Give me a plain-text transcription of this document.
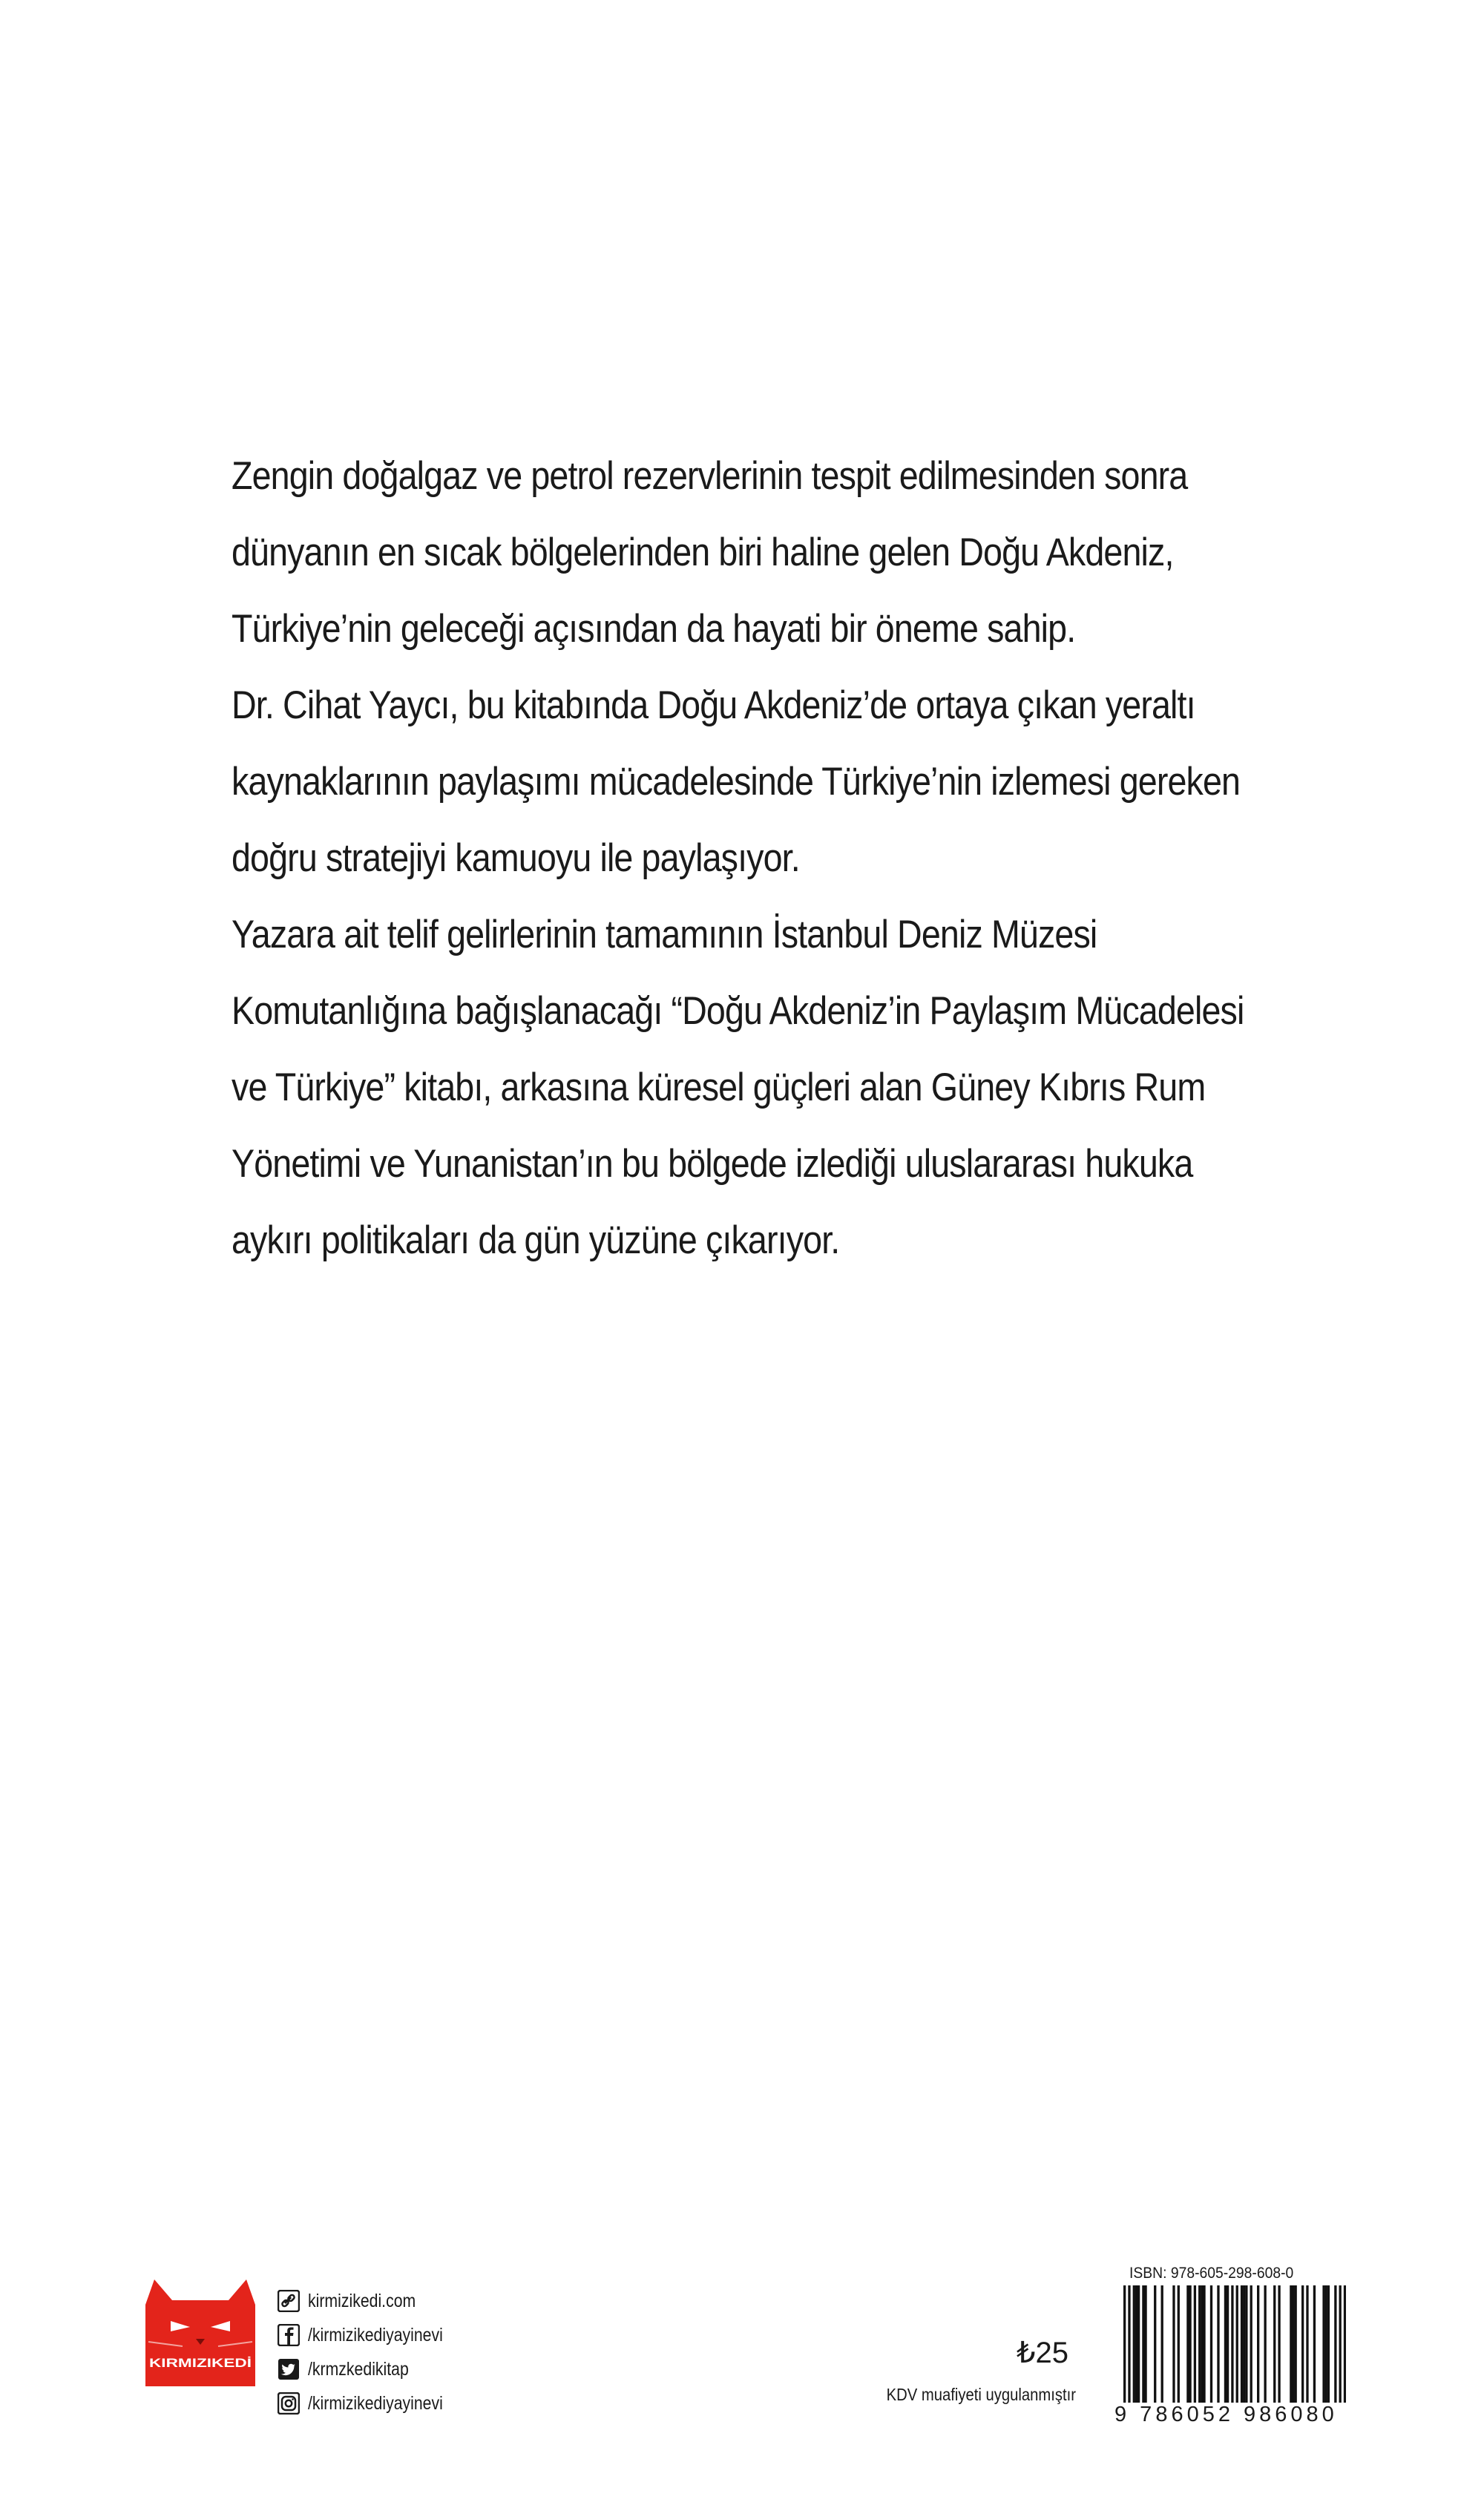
Zengin doğalgaz ve petrol rezervlerinin tespit edilmesinden sonra
dünyanın en sıcak bölgelerinden biri haline gelen Doğu Akdeniz,
Türkiye’nin geleceği açısından da hayati bir öneme sahip.
Dr. Cihat Yaycı, bu kitabında Doğu Akdeniz’de ortaya çıkan yeraltı
kaynaklarının paylaşımı mücadelesinde Türkiye’nin izlemesi gereken
doğru stratejiyi kamuoyu ile paylaşıyor.
Yazara ait telif gelirlerinin tamamının İstanbul Deniz Müzesi
Komutanlığına bağışlanacağı “Doğu Akdeniz’in Paylaşım Mücadelesi
ve Türkiye” kitabı, arkasına küresel güçleri alan Güney Kıbrıs Rum
Yönetimi ve Yunanistan’ın bu bölgede izlediği uluslararası hukuka
aykırı politikaları da gün yüzüne çıkarıyor.
KIRMIZIKEDİ
kirmizikedi.com
/kirmizikediyayinevi
/krmzkedikitap
/kirmizikediyayinevi
₺25
KDV muafiyeti uygulanmıştır
ISBN: 978-605-298-608-0
9 786052 986080
